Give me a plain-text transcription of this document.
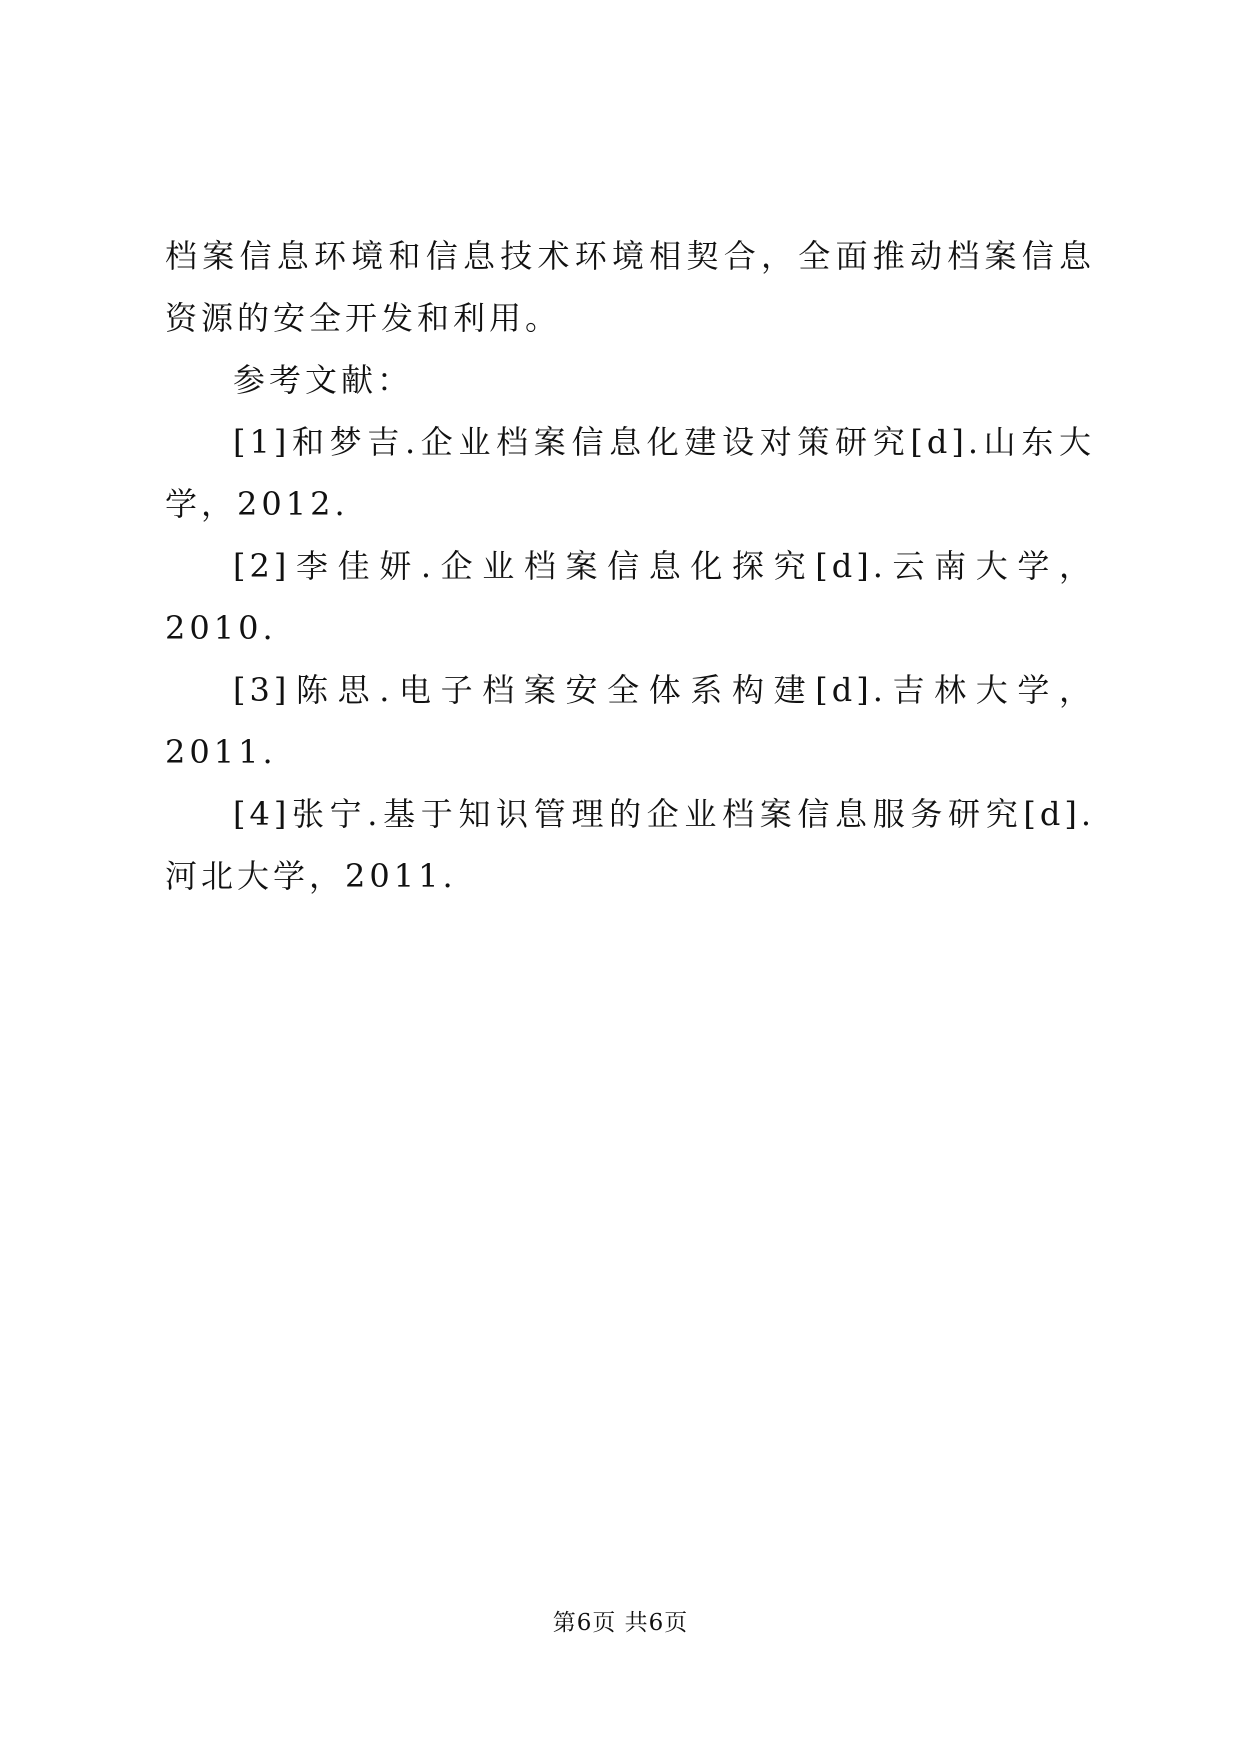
档案信息环境和信息技术环境相契合，全面推动档案信息资源的安全开发和利用。

参考文献：

[1]和梦吉.企业档案信息化建设对策研究[d].山东大学，2012.

[2]李佳妍.企业档案信息化探究[d].云南大学，2010.

[3]陈思.电子档案安全体系构建[d].吉林大学，2011.

[4]张宁.基于知识管理的企业档案信息服务研究[d].河北大学，2011.

第6页 共6页
